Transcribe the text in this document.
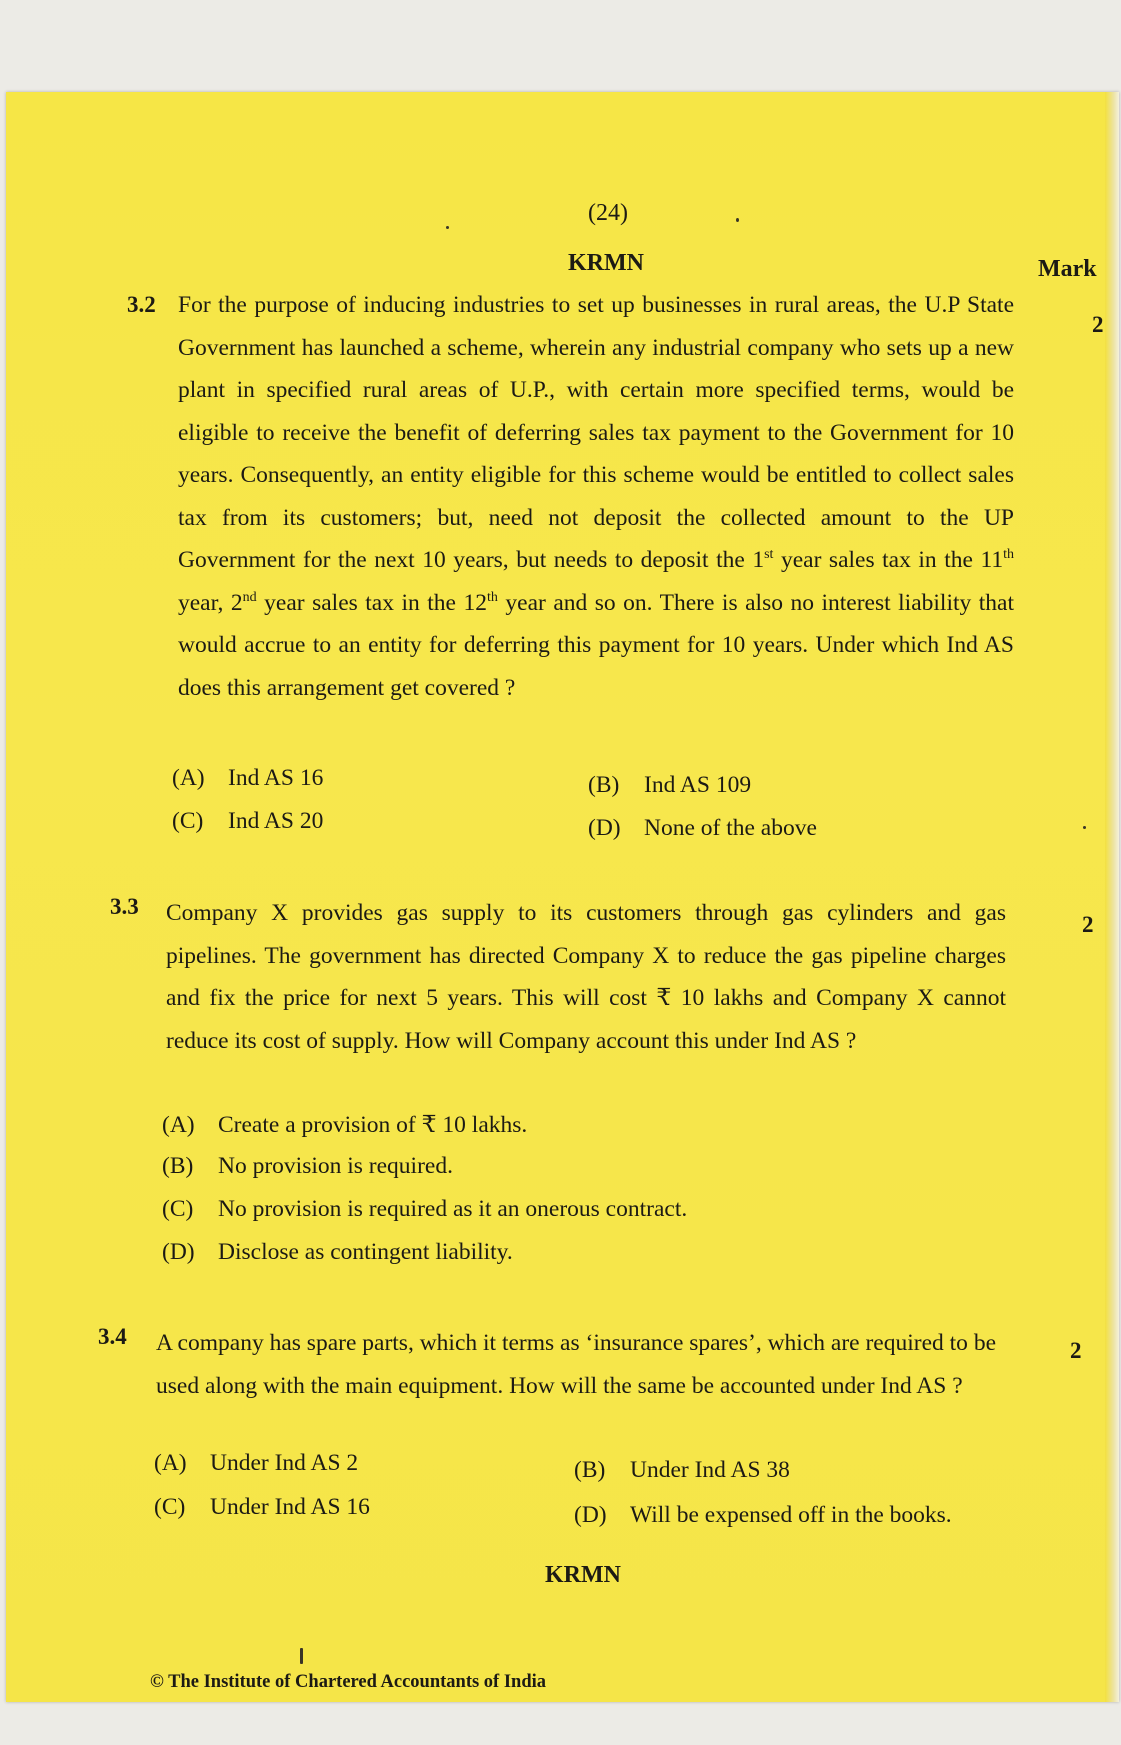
(24)
KRMN	Mark
3.2
2

For the purpose of inducing industries to set up businesses in rural areas, the U.P State Government has launched a scheme, wherein any industrial company who sets up a new plant in specified rural areas of U.P., with certain more specified terms, would be eligible to receive the benefit of deferring sales tax payment to the Government for 10 years. Consequently, an entity eligible for this scheme would be entitled to collect sales tax from its customers; but, need not deposit the collected amount to the UP Government for the next 10 years, but needs to deposit the 1st year sales tax in the 11th year, 2nd year sales tax in the 12th year and so on. There is also no interest liability that would accrue to an entity for deferring this payment for 10 years. Under which Ind AS does this arrangement get covered ?

(A) Ind AS 16	(B) Ind AS 109
(C) Ind AS 20	(D) None of the above
3.3
2

Company X provides gas supply to its customers through gas cylinders and gas pipelines. The government has directed Company X to reduce the gas pipeline charges and fix the price for next 5 years. This will cost ₹ 10 lakhs and Company X cannot reduce its cost of supply. How will Company account this under Ind AS ?

(A) Create a provision of ₹ 10 lakhs.
(B) No provision is required.
(C) No provision is required as it an onerous contract.
(D) Disclose as contingent liability.
3.4
2

A company has spare parts, which it terms as ‘insurance spares’, which are required to be used along with the main equipment. How will the same be accounted under Ind AS ?

(A) Under Ind AS 2	(B) Under Ind AS 38
(C) Under Ind AS 16	(D) Will be expensed off in the books.
KRMN
© The Institute of Chartered Accountants of India
